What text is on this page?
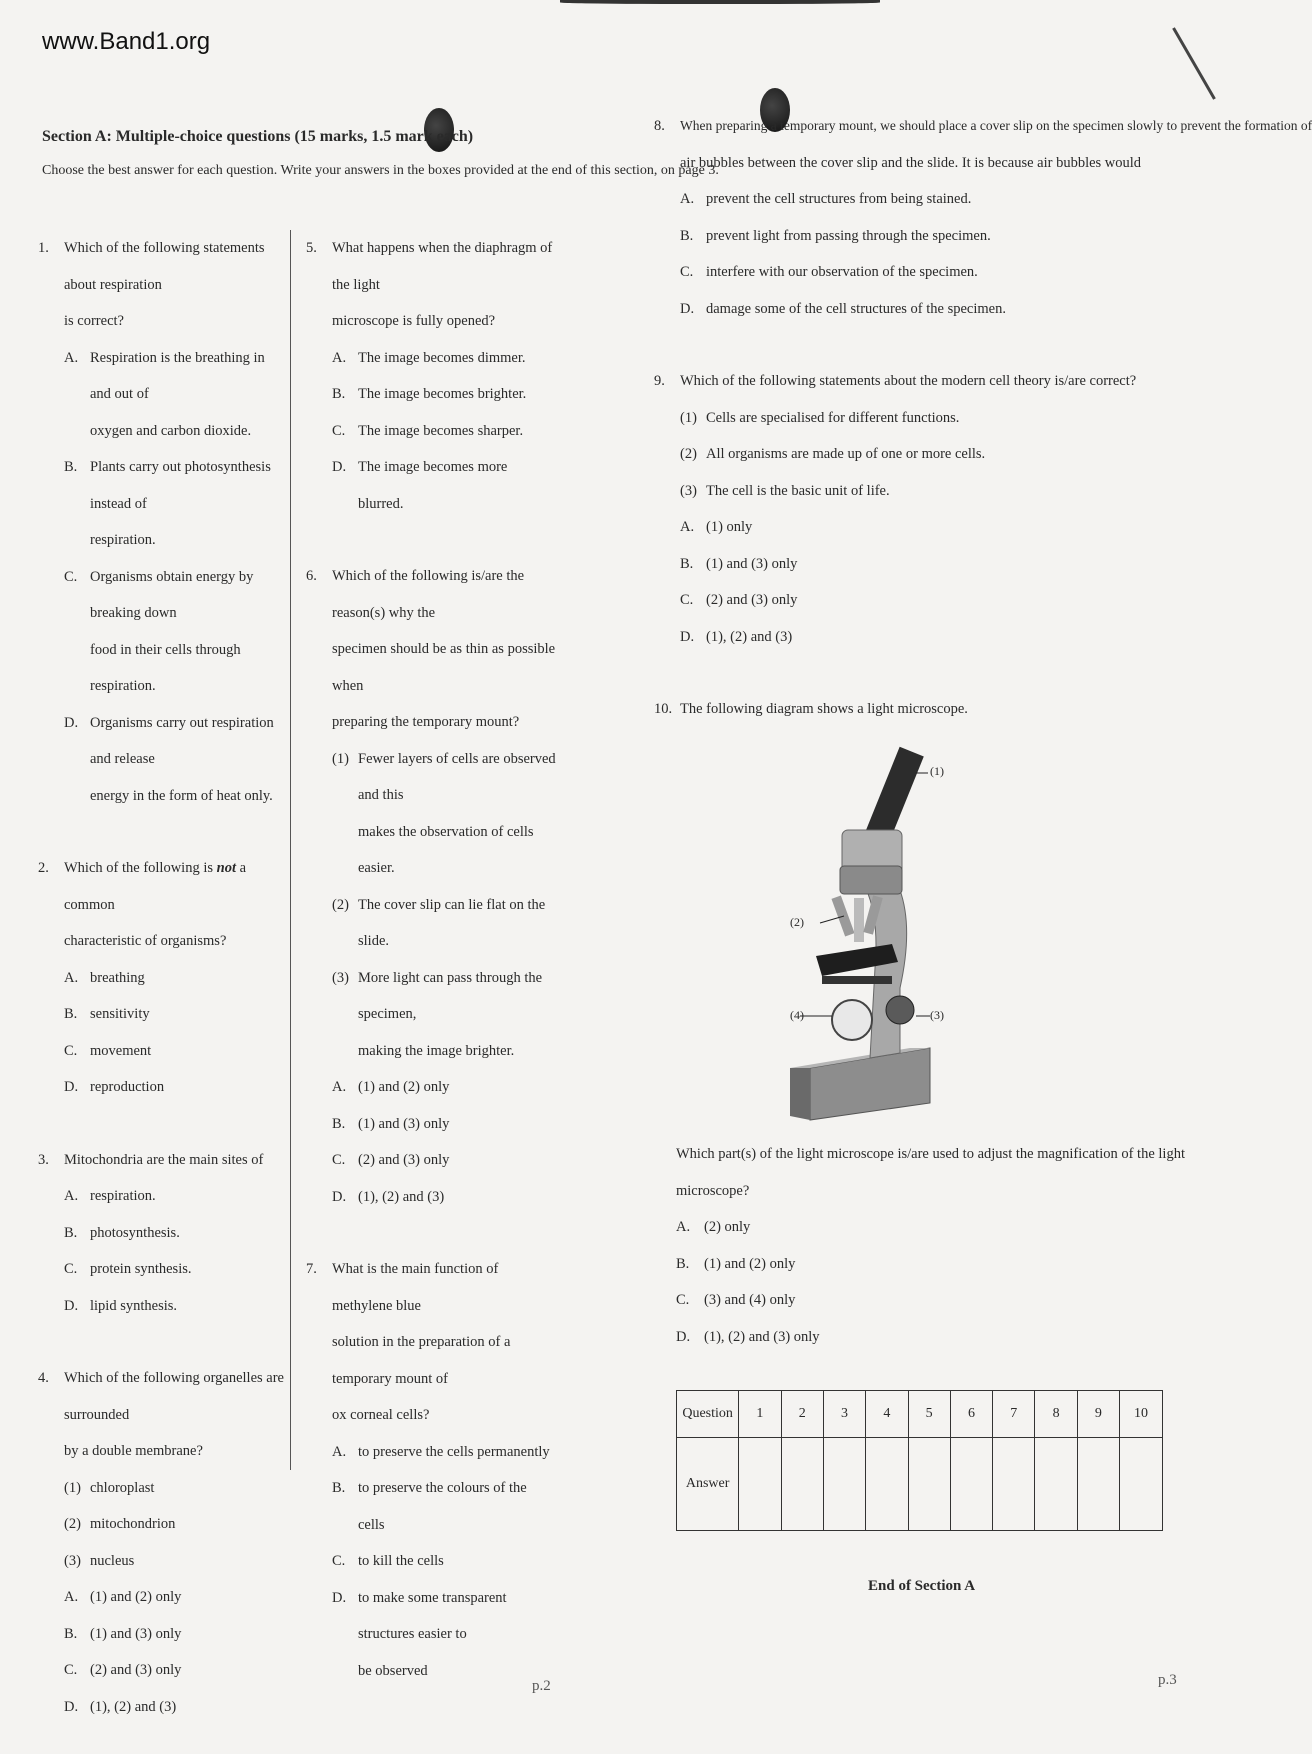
www.Band1.org
Section A: Multiple-choice questions (15 marks, 1.5 mark each)
Choose the best answer for each question. Write your answers in the boxes provided at the end of this section, on page 3.
1.	Which of the following statements about respiration
is correct?
A. Respiration is the breathing in and out of
oxygen and carbon dioxide.
B. Plants carry out photosynthesis instead of
respiration.
C. Organisms obtain energy by breaking down
food in their cells through respiration.
D. Organisms carry out respiration and release
energy in the form of heat only.
2.	Which of the following is not a common
characteristic of organisms?
A. breathing
B. sensitivity
C. movement
D. reproduction
3.	Mitochondria are the main sites of
A. respiration.
B. photosynthesis.
C. protein synthesis.
D. lipid synthesis.
4.	Which of the following organelles are surrounded
by a double membrane?
(1) chloroplast
(2) mitochondrion
(3) nucleus
A. (1) and (2) only
B. (1) and (3) only
C. (2) and (3) only
D. (1), (2) and (3)
5.	What happens when the diaphragm of the light
microscope is fully opened?
A. The image becomes dimmer.
B. The image becomes brighter.
C. The image becomes sharper.
D. The image becomes more blurred.
6.	Which of the following is/are the reason(s) why the
specimen should be as thin as possible when
preparing the temporary mount?
(1) Fewer layers of cells are observed and this
makes the observation of cells easier.
(2) The cover slip can lie flat on the slide.
(3) More light can pass through the specimen,
making the image brighter.
A. (1) and (2) only
B. (1) and (3) only
C. (2) and (3) only
D. (1), (2) and (3)
7.	What is the main function of methylene blue
solution in the preparation of a temporary mount of
ox corneal cells?
A. to preserve the cells permanently
B. to preserve the colours of the cells
C. to kill the cells
D. to make some transparent structures easier to
be observed
8.	When preparing a temporary mount, we should place a cover slip on the specimen slowly to prevent the formation of
air bubbles between the cover slip and the slide. It is because air bubbles would
A. prevent the cell structures from being stained.
B. prevent light from passing through the specimen.
C. interfere with our observation of the specimen.
D. damage some of the cell structures of the specimen.
9.	Which of the following statements about the modern cell theory is/are correct?
(1) Cells are specialised for different functions.
(2) All organisms are made up of one or more cells.
(3) The cell is the basic unit of life.
A. (1) only
B. (1) and (3) only
C. (2) and (3) only
D. (1), (2) and (3)
10. The following diagram shows a light microscope.
(1)
(2)
(3)
(4)
Which part(s) of the light microscope is/are used to adjust the magnification of the light microscope?
A. (2) only
B. (1) and (2) only
C. (3) and (4) only
D. (1), (2) and (3) only
Question	1	2	3	4	5	6	7	8	9	10
Answer										
End of Section A
p.2	p.3
